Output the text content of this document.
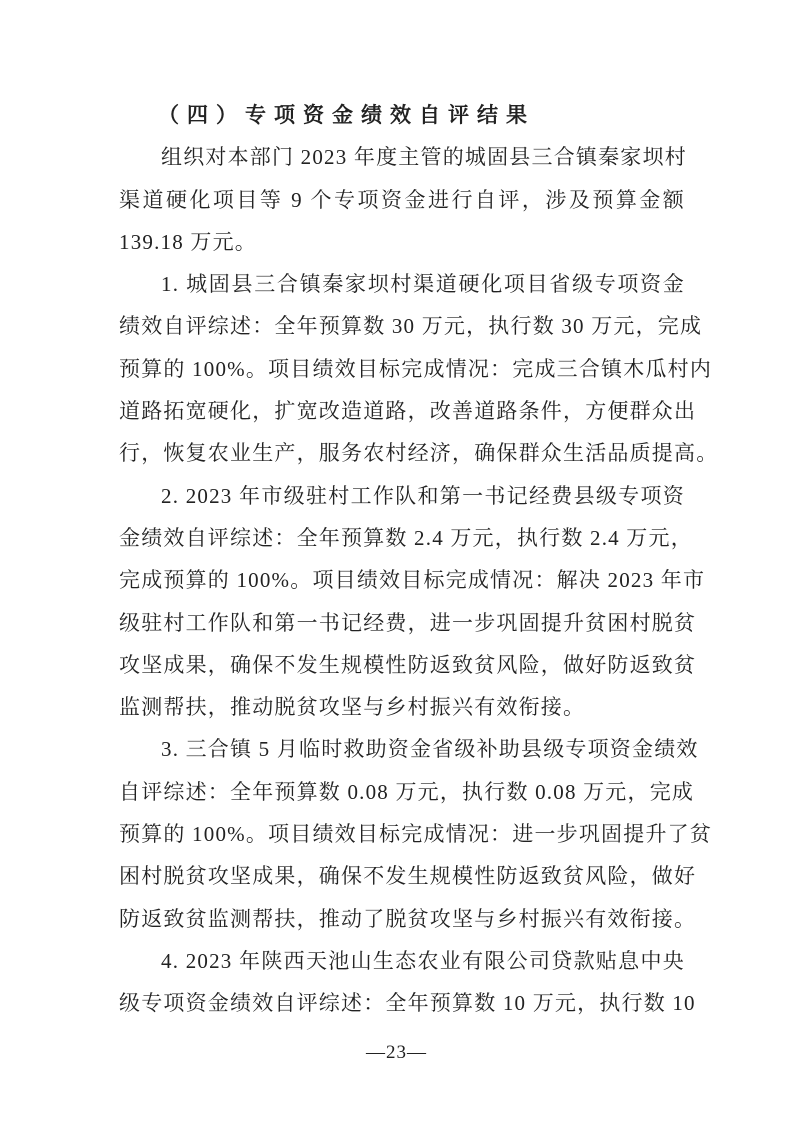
（四）专项资金绩效自评结果
组织对本部门 2023 年度主管的城固县三合镇秦家坝村
渠道硬化项目等 9 个专项资金进行自评，涉及预算金额
139.18 万元。
1. 城固县三合镇秦家坝村渠道硬化项目省级专项资金
绩效自评综述：全年预算数 30 万元，执行数 30 万元，完成
预算的 100%。项目绩效目标完成情况：完成三合镇木瓜村内
道路拓宽硬化，扩宽改造道路，改善道路条件，方便群众出
行，恢复农业生产，服务农村经济，确保群众生活品质提高。
2. 2023 年市级驻村工作队和第一书记经费县级专项资
金绩效自评综述：全年预算数 2.4 万元，执行数 2.4 万元，
完成预算的 100%。项目绩效目标完成情况：解决 2023 年市
级驻村工作队和第一书记经费，进一步巩固提升贫困村脱贫
攻坚成果，确保不发生规模性防返致贫风险，做好防返致贫
监测帮扶，推动脱贫攻坚与乡村振兴有效衔接。
3. 三合镇 5 月临时救助资金省级补助县级专项资金绩效
自评综述：全年预算数 0.08 万元，执行数 0.08 万元，完成
预算的 100%。项目绩效目标完成情况：进一步巩固提升了贫
困村脱贫攻坚成果，确保不发生规模性防返致贫风险，做好
防返致贫监测帮扶，推动了脱贫攻坚与乡村振兴有效衔接。
4. 2023 年陕西天池山生态农业有限公司贷款贴息中央
级专项资金绩效自评综述：全年预算数 10 万元，执行数 10
—23—
